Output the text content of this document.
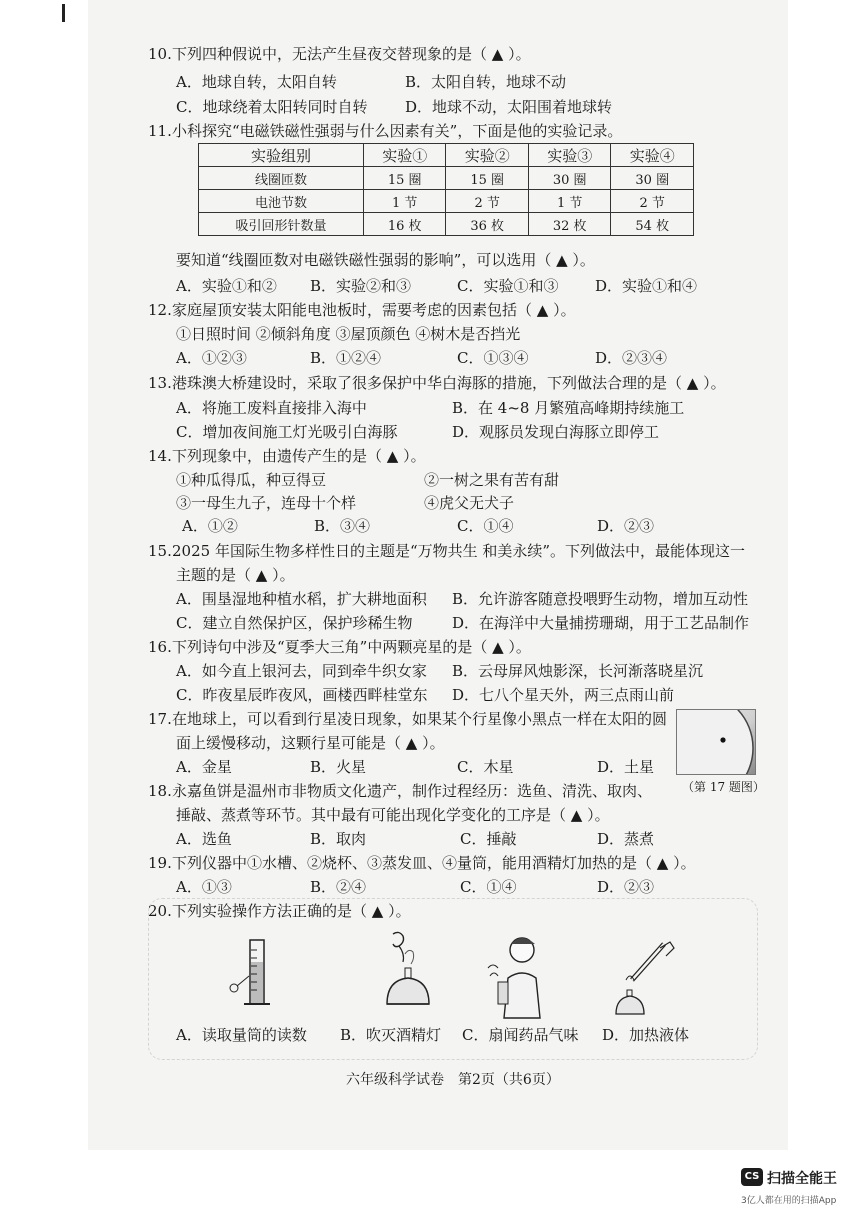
10. 下列四种假说中，无法产生昼夜交替现象的是（ ▲ ）。
A．地球自转，太阳自转	B．太阳自转，地球不动
C．地球绕着太阳转同时自转	D．地球不动，太阳围着地球转
11. 小科探究“电磁铁磁性强弱与什么因素有关”，下面是他的实验记录。
实验组别	实验①	实验②	实验③	实验④
线圈匝数	15 圈	15 圈	30 圈	30 圈
电池节数	1 节	2 节	1 节	2 节
吸引回形针数量	16 枚	36 枚	32 枚	54 枚
要知道“线圈匝数对电磁铁磁性强弱的影响”，可以选用（ ▲ ）。
A．实验①和② B．实验②和③	C．实验①和③ D．实验①和④
12. 家庭屋顶安装太阳能电池板时，需要考虑的因素包括（ ▲ ）。
①日照时间 ②倾斜角度 ③屋顶颜色 ④树木是否挡光
A．①②③	B．①②④	C．①③④	D．②③④
13. 港珠澳大桥建设时，采取了很多保护中华白海豚的措施，下列做法合理的是（ ▲ ）。
A．将施工废料直接排入海中	B．在 4~8 月繁殖高峰期持续施工
C．增加夜间施工灯光吸引白海豚	D．观豚员发现白海豚立即停工
14. 下列现象中，由遗传产生的是（ ▲ ）。
①种瓜得瓜，种豆得豆	②一树之果有苦有甜
③一母生九子，连母十个样	④虎父无犬子
A．①②	B．③④	C．①④	D．②③
15. 2025 年国际生物多样性日的主题是“万物共生 和美永续”。下列做法中，最能体现这一
主题的是（ ▲ ）。
A．围垦湿地种植水稻，扩大耕地面积 B．允许游客随意投喂野生动物，增加互动性
C．建立自然保护区，保护珍稀生物	D．在海洋中大量捕捞珊瑚，用于工艺品制作
16. 下列诗句中涉及“夏季大三角”中两颗亮星的是（ ▲ ）。
A．如今直上银河去，同到牵牛织女家 B．云母屏风烛影深，长河渐落晓星沉
C．昨夜星辰昨夜风，画楼西畔桂堂东 D．七八个星天外，两三点雨山前
17. 在地球上，可以看到行星凌日现象，如果某个行星像小黑点一样在太阳的圆
面上缓慢移动，这颗行星可能是（ ▲ ）。
A．金星	B．火星	C．木星	D．土星
（第 17 题图）
18. 永嘉鱼饼是温州市非物质文化遗产，制作过程经历：选鱼、清洗、取肉、
捶敲、蒸煮等环节。其中最有可能出现化学变化的工序是（ ▲ ）。
A．选鱼	B．取肉	C．捶敲	D．蒸煮
19. 下列仪器中①水槽、②烧杯、③蒸发皿、④量筒，能用酒精灯加热的是（ ▲ ）。
A．①③	B．②④	C．①④	D．②③
20. 下列实验操作方法正确的是（ ▲ ）。
A．读取量筒的读数 B．吹灭酒精灯 C．扇闻药品气味 D．加热液体
六年级科学试卷　第2页（共6页）
CS 扫描全能王
3亿人都在用的扫描App
